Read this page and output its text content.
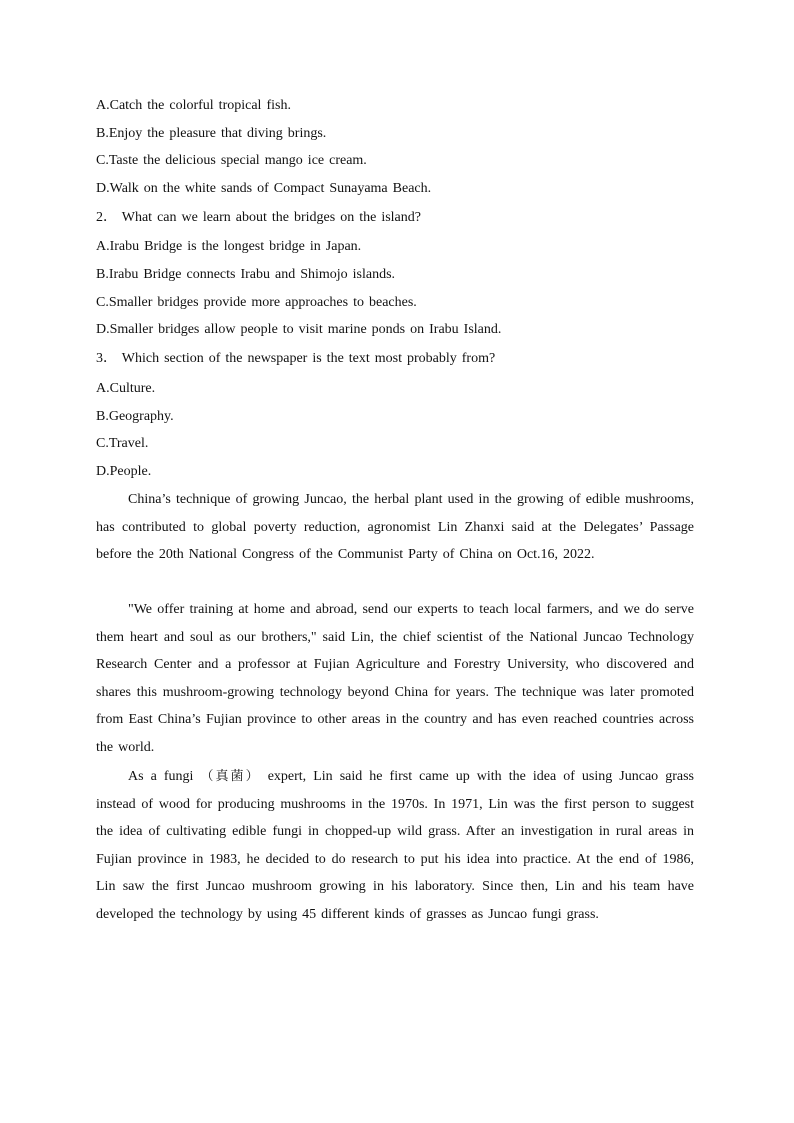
A.Catch the colorful tropical fish.
B.Enjoy the pleasure that diving brings.
C.Taste the delicious special mango ice cream.
D.Walk on the white sands of Compact Sunayama Beach.
2． What can we learn about the bridges on the island?
A.Irabu Bridge is the longest bridge in Japan.
B.Irabu Bridge connects Irabu and Shimojo islands.
C.Smaller bridges provide more approaches to beaches.
D.Smaller bridges allow people to visit marine ponds on Irabu Island.
3． Which section of the newspaper is the text most probably from?
A.Culture.
B.Geography.
C.Travel.
D.People.
China’s technique of growing Juncao, the herbal plant used in the growing of edible mushrooms, has contributed to global poverty reduction, agronomist Lin Zhanxi said at the Delegates’ Passage before the 20th National Congress of the Communist Party of China on Oct.16, 2022.
"We offer training at home and abroad, send our experts to teach local farmers, and we do serve them heart and soul as our brothers," said Lin, the chief scientist of the National Juncao Technology Research Center and a professor at Fujian Agriculture and Forestry University, who discovered and shares this mushroom-growing technology beyond China for years. The technique was later promoted from East China’s Fujian province to other areas in the country and has even reached countries across the world.
As a fungi （真菌） expert, Lin said he first came up with the idea of using Juncao grass instead of wood for producing mushrooms in the 1970s. In 1971, Lin was the first person to suggest the idea of cultivating edible fungi in chopped-up wild grass. After an investigation in rural areas in Fujian province in 1983, he decided to do research to put his idea into practice. At the end of 1986, Lin saw the first Juncao mushroom growing in his laboratory. Since then, Lin and his team have developed the technology by using 45 different kinds of grasses as Juncao fungi grass.
